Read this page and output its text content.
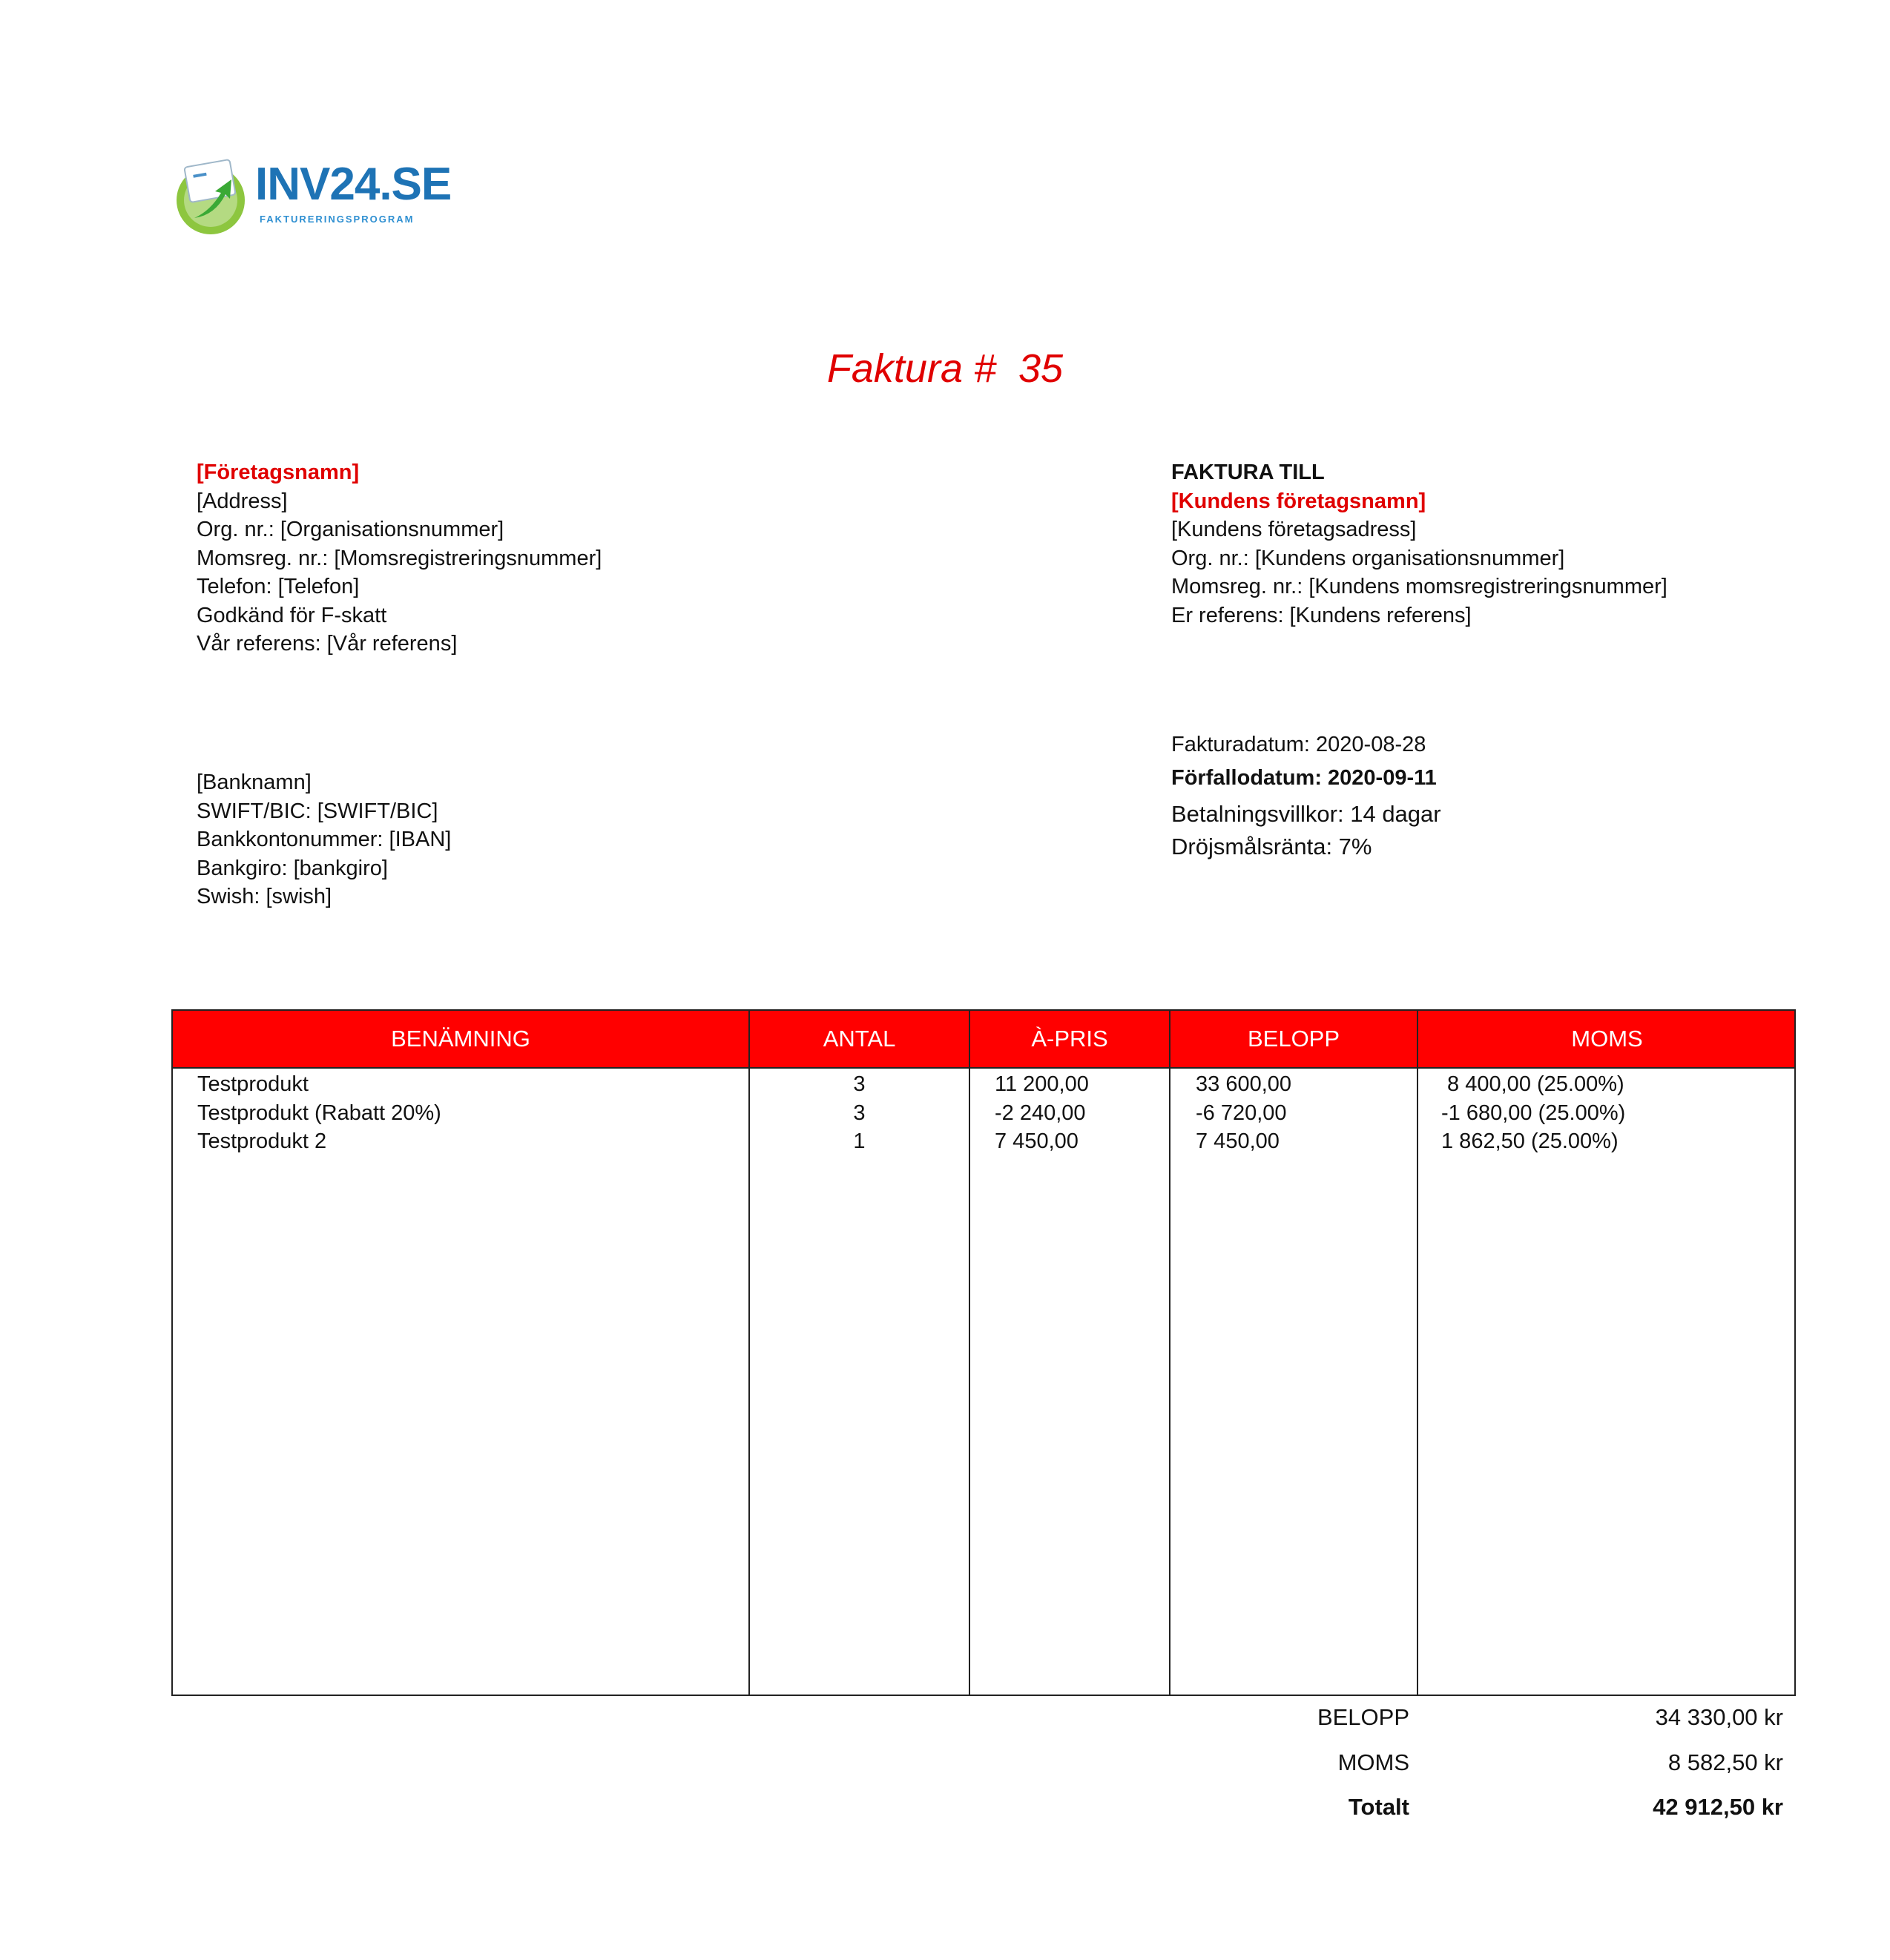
INV24.SE
FAKTURERINGSPROGRAM
Faktura #  35
[Företagsnamn]
[Address]
Org. nr.: [Organisationsnummer]
Momsreg. nr.: [Momsregistreringsnummer]
Telefon: [Telefon]
Godkänd för F-skatt
Vår referens: [Vår referens]
FAKTURA TILL
[Kundens företagsnamn]
[Kundens företagsadress]
Org. nr.: [Kundens organisationsnummer]
Momsreg. nr.: [Kundens momsregistreringsnummer]
Er referens: [Kundens referens]
[Banknamn]
SWIFT/BIC: [SWIFT/BIC]
Bankkontonummer: [IBAN]
Bankgiro: [bankgiro]
Swish: [swish]
Fakturadatum: 2020-08-28
Förfallodatum: 2020-09-11
Betalningsvillkor: 14 dagar
Dröjsmålsränta: 7%
BENÄMNING	ANTAL	À-PRIS	BELOPP	MOMS
Testprodukt	3	11 200,00	33 600,00	8 400,00 (25.00%)
Testprodukt (Rabatt 20%)	3	-2 240,00	-6 720,00	-1 680,00 (25.00%)
Testprodukt 2	1	7 450,00	7 450,00	1 862,50 (25.00%)
BELOPP	34 330,00 kr
MOMS	8 582,50 kr
Totalt	42 912,50 kr
